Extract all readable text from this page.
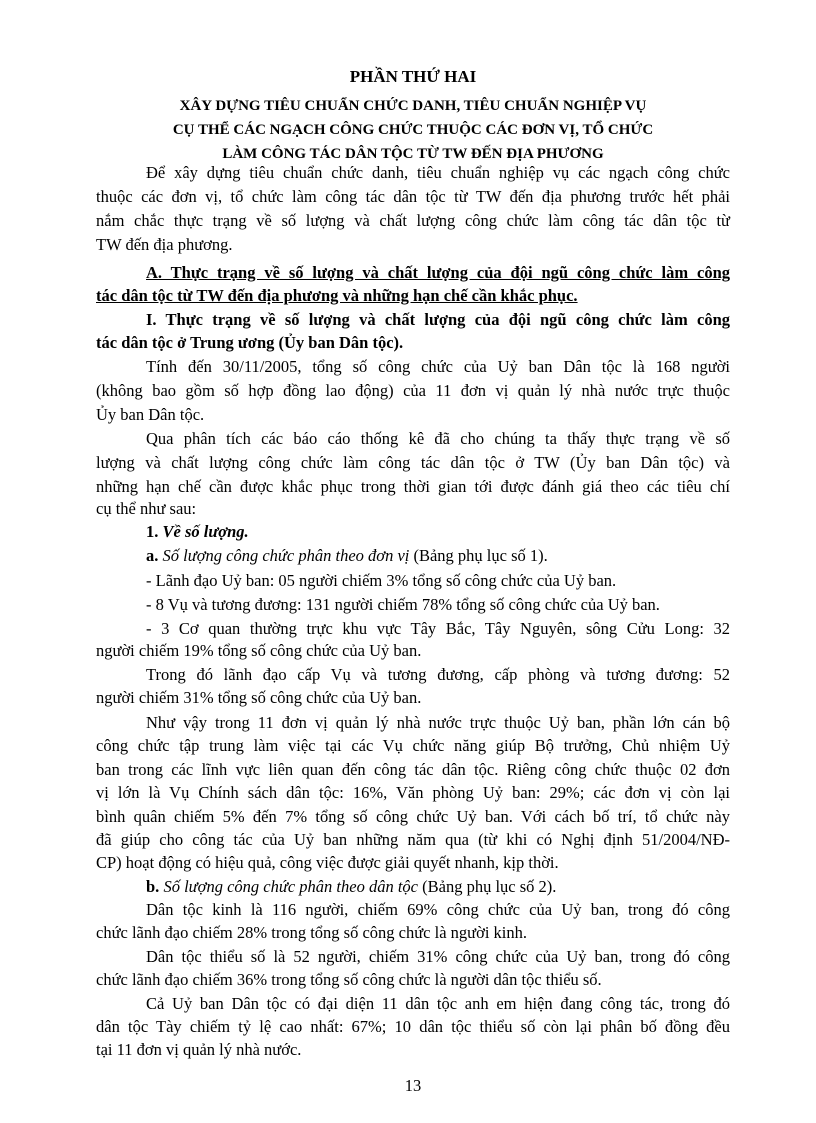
PHẦN THỨ HAI
XÂY DỰNG TIÊU CHUẨN CHỨC DANH, TIÊU CHUẨN NGHIỆP VỤ
CỤ THỂ CÁC NGẠCH CÔNG CHỨC THUỘC CÁC ĐƠN VỊ, TỔ CHỨC
LÀM CÔNG TÁC DÂN TỘC TỪ TW ĐẾN ĐỊA PHƯƠNG
Để xây dựng tiêu chuẩn chức danh, tiêu chuẩn nghiệp vụ các ngạch công chức
thuộc các đơn vị, tổ chức làm công tác dân tộc từ TW đến địa phương trước hết phải
nắm chắc thực trạng về số lượng và chất lượng công chức làm công tác dân tộc từ
TW đến địa phương.
A. Thực trạng về số lượng và chất lượng của đội ngũ công chức làm công
tác dân tộc từ TW đến địa phương và những hạn chế cần khắc phục.
I. Thực trạng về số lượng và chất lượng của đội ngũ công chức làm công
tác dân tộc ở Trung ương (Ủy ban Dân tộc).
Tính đến 30/11/2005, tổng số công chức của Uỷ ban Dân tộc là 168 người
(không bao gồm số hợp đồng lao động) của 11 đơn vị quản lý nhà nước trực thuộc
Ủy ban Dân tộc.
Qua phân tích các báo cáo thống kê đã cho chúng ta thấy thực trạng về số
lượng và chất lượng công chức làm công tác dân tộc ở TW (Ủy ban Dân tộc) và
những hạn chế cần được khắc phục trong thời gian tới được đánh giá theo các tiêu chí
cụ thể như sau:
1. Về số lượng.
a. Số lượng công chức phân theo đơn vị (Bảng phụ lục số 1).
- Lãnh đạo Uỷ ban: 05 người chiếm 3% tổng số công chức của Uỷ ban.
- 8 Vụ và tương đương: 131 người chiếm 78% tổng số công chức của Uỷ ban.
- 3 Cơ quan thường trực khu vực Tây Bắc, Tây Nguyên, sông Cửu Long: 32
người chiếm 19% tổng số công chức của Uỷ ban.
Trong đó lãnh đạo cấp Vụ và tương đương, cấp phòng và tương đương: 52
người chiếm 31% tổng số công chức của Uỷ ban.
Như vậy trong 11 đơn vị quản lý nhà nước trực thuộc Uỷ ban, phần lớn cán bộ
công chức tập trung làm việc tại các Vụ chức năng giúp Bộ trưởng, Chủ nhiệm Uỷ
ban trong các lĩnh vực liên quan đến công tác dân tộc. Riêng công chức thuộc 02 đơn
vị lớn là Vụ Chính sách dân tộc: 16%, Văn phòng Uỷ ban: 29%; các đơn vị còn lại
bình quân chiếm 5% đến 7% tổng số công chức Uỷ ban. Với cách bố trí, tổ chức này
đã giúp cho công tác của Uỷ ban những năm qua (từ khi có Nghị định 51/2004/NĐ-
CP) hoạt động có hiệu quả, công việc được giải quyết nhanh, kịp thời.
b. Số lượng công chức phân theo dân tộc (Bảng phụ lục số 2).
Dân tộc kinh là 116 người, chiếm 69% công chức của Uỷ ban, trong đó công
chức lãnh đạo chiếm 28% trong tổng số công chức là người kinh.
Dân tộc thiểu số là 52 người, chiếm 31% công chức của Uỷ ban, trong đó công
chức lãnh đạo chiếm 36% trong tổng số công chức là người dân tộc thiểu số.
Cả Uỷ ban Dân tộc có đại diện 11 dân tộc anh em hiện đang công tác, trong đó
dân tộc Tày chiếm tỷ lệ cao nhất: 67%; 10 dân tộc thiểu số còn lại phân bố đồng đều
tại 11 đơn vị quản lý nhà nước.
13
